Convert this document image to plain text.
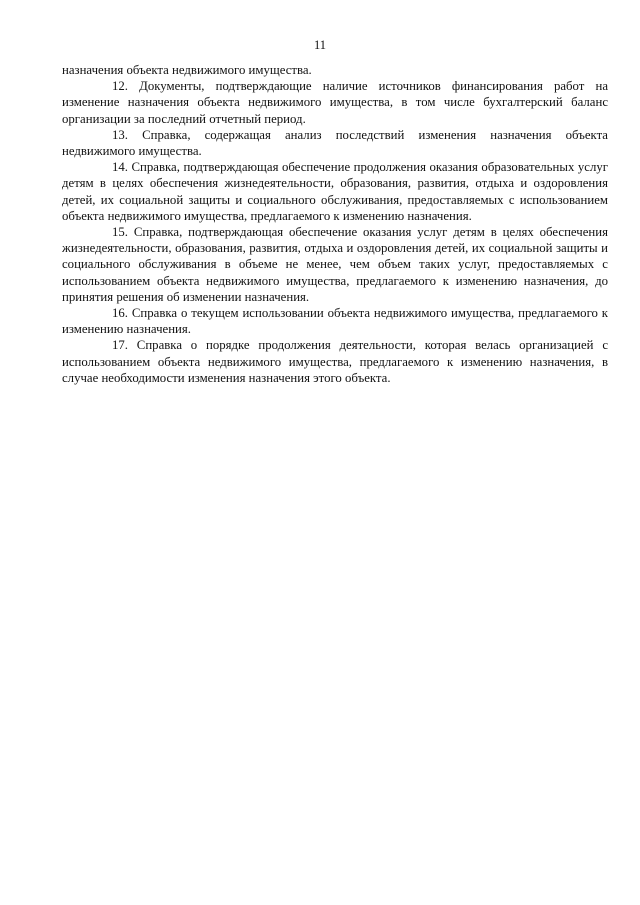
11

назначения объекта недвижимого имущества.

12. Документы, подтверждающие наличие источников финансирования работ на изменение назначения объекта недвижимого имущества, в том числе бухгалтерский баланс организации за последний отчетный период.

13. Справка, содержащая анализ последствий изменения назначения объекта недвижимого имущества.

14. Справка, подтверждающая обеспечение продолжения оказания образовательных услуг детям в целях обеспечения жизнедеятельности, образования, развития, отдыха и оздоровления детей, их социальной защиты и социального обслуживания, предоставляемых с использованием объекта недвижимого имущества, предлагаемого к изменению назначения.

15. Справка, подтверждающая обеспечение оказания услуг детям в целях обеспечения жизнедеятельности, образования, развития, отдыха и оздоровления детей, их социальной защиты и социального обслуживания в объеме не менее, чем объем таких услуг, предоставляемых с использованием объекта недвижимого имущества, предлагаемого к изменению назначения, до принятия решения об изменении назначения.

16. Справка о текущем использовании объекта недвижимого имущества, предлагаемого к изменению назначения.

17. Справка о порядке продолжения деятельности, которая велась организацией с использованием объекта недвижимого имущества, предлагаемого к изменению назначения, в случае необходимости изменения назначения этого объекта.
